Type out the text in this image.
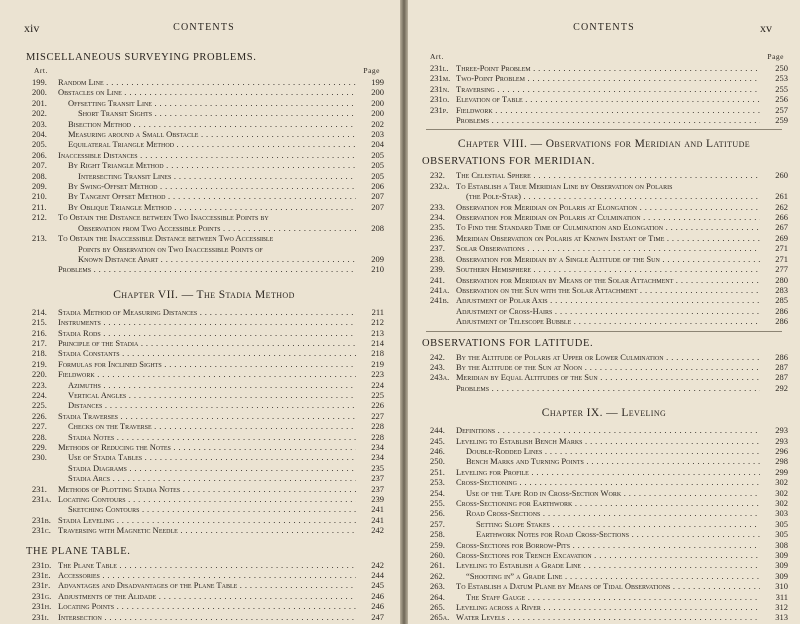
xiv	CONTENTS
MISCELLANEOUS SURVEYING PROBLEMS.
Art.	Page
199.	Random Line . . .	199
200.	Obstacles on Line . . .	200
201.	Offsetting Transit Line . . .	200
202.	Short Transit Sights . . .	200
203.	Bisection Method . . .	202
204.	Measuring around a Small Obstacle . . .	203
205.	Equilateral Triangle Method . . .	204
206.	Inaccessible Distances . . .	205
207.	By Right Triangle Method . . .	205
208.	Intersecting Transit Lines . . .	205
209.	By Swing-Offset Method . . .	206
210.	By Tangent Offset Method . . .	207
211.	By Oblique Triangle Method . . .	207
212.	To Obtain the Distance between Two Inaccessible Points by
Observation from Two Accessible Points . . .	208
213.	To Obtain the Inaccessible Distance between Two Accessible
Points by Observation on Two Inaccessible Points of
Known Distance Apart . . .	209
Problems . . .	210
Chapter VII. — The Stadia Method
214.	Stadia Method of Measuring Distances . . .	211
215.	Instruments . . .	212
216.	Stadia Rods . . .	213
217.	Principle of the Stadia . . .	214
218.	Stadia Constants . . .	218
219.	Formulas for Inclined Sights . . .	219
220.	Fieldwork . . .	223
223.	Azimuths . . .	224
224.	Vertical Angles . . .	225
225.	Distances . . .	226
226.	Stadia Traverses . . .	227
227.	Checks on the Traverse . . .	228
228.	Stadia Notes . . .	228
229.	Methods of Reducing the Notes . . .	234
230.	Use of Stadia Tables . . .	234
Stadia Diagrams . . .	235
Stadia Arcs . . .	237
231.	Methods of Plotting Stadia Notes . . .	237
231a. Locating Contours . . .	239
Sketching Contours . . .	241
231b. Stadia Leveling . . .	241
231c. Traversing with Magnetic Needle . . .	242
THE PLANE TABLE.
231d. The Plane Table . . .	242
231e. Accessories . . .	244
231f. Advantages and Disadvantages of the Plane Table . . .	245
231g. Adjustments of the Alidade . . .	246
231h. Locating Points . . .	246
231i.	Intersection . . .	247
. . .
CONTENTS	xv
Art.	Page
231l. Three-Point Problem . . .	250
231m. Two-Point Problem . . .	253
231n. Traversing . . .	255
231o. Elevation of Table . . .	256
231p. Fieldwork . . .	257
Problems . . .	259
Chapter VIII. — Observations for Meridian and Latitude
OBSERVATIONS FOR MERIDIAN.
232.	The Celestial Sphere . . .	260
232a. To Establish a True Meridian Line by Observation on Polaris
(the Pole-Star) . . .	261
233.	Observation for Meridian on Polaris at Elongation . . .	262
234.	Observation for Meridian on Polaris at Culmination . . .	266
235.	To Find the Standard Time of Culmination and Elongation . . .	267
236.	Meridian Observation on Polaris at Known Instant of Time . . .	269
237.	Solar Observations . . .	271
238.	Observation for Meridian by a Single Altitude of the Sun . . .	271
239.	Southern Hemisphere . . .	277
241.	Observation for Meridian by Means of the Solar Attachment . . .	280
241a. Observation on the Sun with the Solar Attachment . . .	283
241b. Adjustment of Polar Axis . . .	285
Adjustment of Cross-Hairs . . .	286
Adjustment of Telescope Bubble . . .	286
OBSERVATIONS FOR LATITUDE.
242.	By the Altitude of Polaris at Upper or Lower Culmination . . .	286
243.	By the Altitude of the Sun at Noon . . .	287
243a. Meridian by Equal Altitudes of the Sun . . .	287
Problems . . .	292
Chapter IX. — Leveling
244.	Definitions . . .	293
245.	Leveling to Establish Bench Marks . . .	293
246.	Double-Rodded Lines . . .	296
250.	Bench Marks and Turning Points . . .	298
251.	Leveling for Profile . . .	299
253.	Cross-Sectioning . . .	302
254.	Use of the Tape Rod in Cross-Section Work . . .	302
255.	Cross-Sectioning for Earthwork . . .	302
256.	Road Cross-Sections . . .	303
257.	Setting Slope Stakes . . .	305
258.	Earthwork Notes for Road Cross-Sections . . .	305
259.	Cross-Sections for Borrow-Pits . . .	308
260.	Cross-Sections for Trench Excavation . . .	309
261.	Leveling to Establish a Grade Line . . .	309
262.	“Shooting in” a Grade Line . . .	309
263.	To Establish a Datum Plane by Means of Tidal Observations . . .	310
264.	The Staff Gauge . . .	311
265.	Leveling across a River . . .	312
265a. Water Levels . . .	313
. . .
